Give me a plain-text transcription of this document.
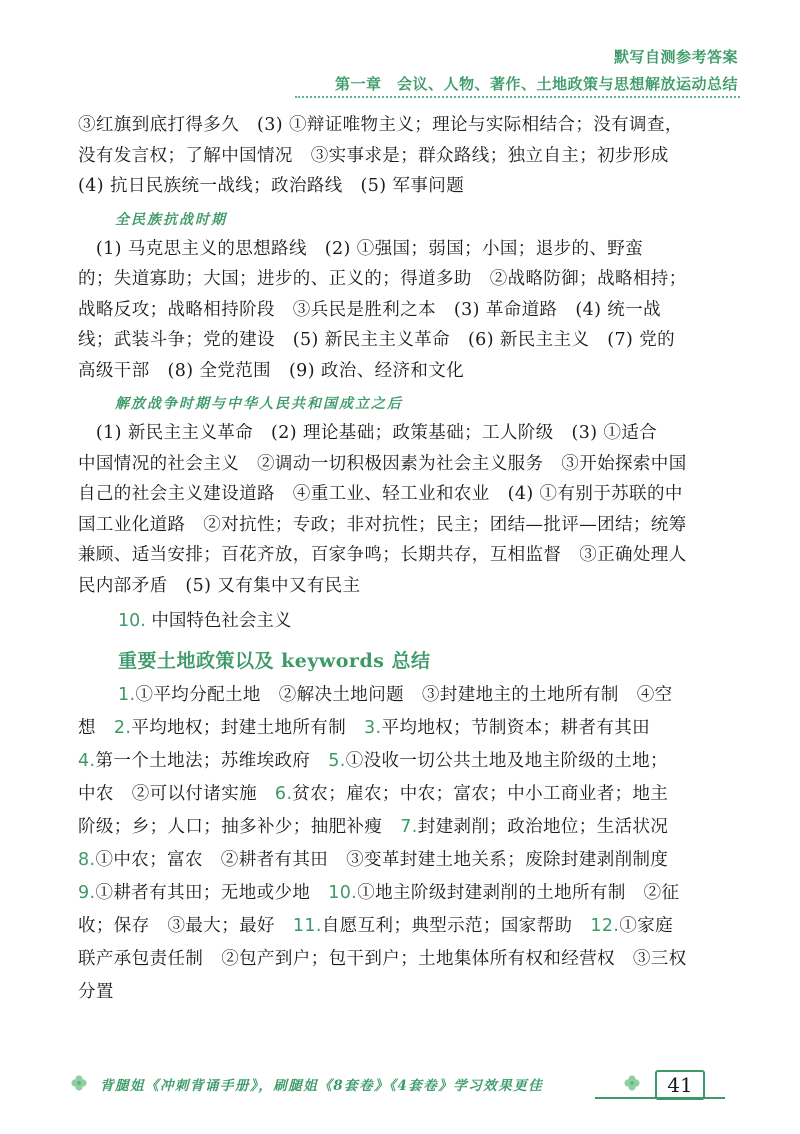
默写自测参考答案
第一章　会议、人物、著作、土地政策与思想解放运动总结

③红旗到底打得多久　(3) ①辩证唯物主义；理论与实际相结合；没有调查，

没有发言权；了解中国情况　③实事求是；群众路线；独立自主；初步形成

(4) 抗日民族统一战线；政治路线　(5) 军事问题

全民族抗战时期

　(1) 马克思主义的思想路线　(2) ①强国；弱国；小国；退步的、野蛮

的；失道寡助；大国；进步的、正义的；得道多助　②战略防御；战略相持；

战略反攻；战略相持阶段　③兵民是胜利之本　(3) 革命道路　(4) 统一战

线；武装斗争；党的建设　(5) 新民主主义革命　(6) 新民主主义　(7) 党的

高级干部　(8) 全党范围　(9) 政治、经济和文化

解放战争时期与中华人民共和国成立之后

　(1) 新民主主义革命　(2) 理论基础；政策基础；工人阶级　(3) ①适合

中国情况的社会主义　②调动一切积极因素为社会主义服务　③开始探索中国

自己的社会主义建设道路　④重工业、轻工业和农业　(4) ①有别于苏联的中

国工业化道路　②对抗性；专政；非对抗性；民主；团结—批评—团结；统筹

兼顾、适当安排；百花齐放，百家争鸣；长期共存，互相监督　③正确处理人

民内部矛盾　(5) 又有集中又有民主

10. 中国特色社会主义
重要土地政策以及 keywords 总结

1.①平均分配土地　②解决土地问题　③封建地主的土地所有制　④空

想　2.平均地权；封建土地所有制　3.平均地权；节制资本；耕者有其田

4.第一个土地法；苏维埃政府　5.①没收一切公共土地及地主阶级的土地；

中农　②可以付诸实施　6.贫农；雇农；中农；富农；中小工商业者；地主

阶级；乡；人口；抽多补少；抽肥补瘦　7.封建剥削；政治地位；生活状况

8.①中农；富农　②耕者有其田　③变革封建土地关系；废除封建剥削制度

9.①耕者有其田；无地或少地　10.①地主阶级封建剥削的土地所有制　②征

收；保存　③最大；最好　11.自愿互利；典型示范；国家帮助　12.①家庭

联产承包责任制　②包产到户；包干到户；土地集体所有权和经营权　③三权

分置

背腿姐《冲刺背诵手册》，刷腿姐《8套卷》《4套卷》学习效果更佳	41
